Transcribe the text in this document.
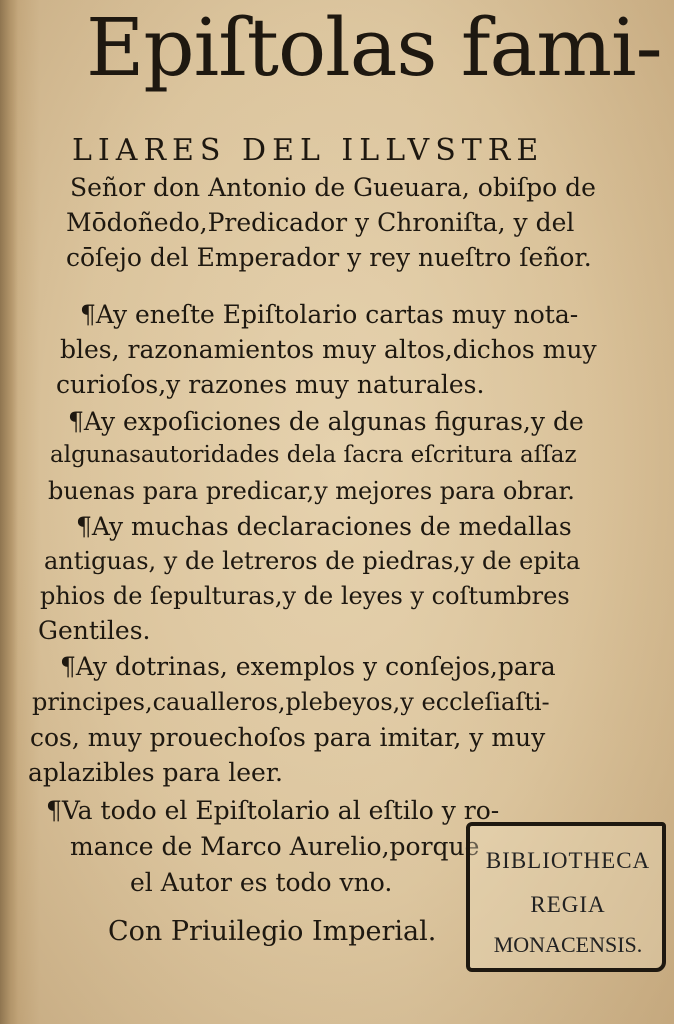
Epiſtolas fami-
LIARES DEL ILLVSTRE
Señor don Antonio de Gueuara, obiſpo de
Mōdoñedo,Predicador y Chroniſta, y del
cōſejo del Emperador y rey nueſtro ſeñor.
¶Ay eneſte Epiſtolario cartas muy nota-
bles, razonamientos muy altos,dichos muy
curioſos,y razones muy naturales.
¶Ay expoſiciones de algunas figuras,y de
algunasautoridades dela ſacra eſcritura aſſaz
buenas para predicar,y mejores para obrar.
¶Ay muchas declaraciones de medallas
antiguas, y de letreros de piedras,y de epita
phios de ſepulturas,y de leyes y coſtumbres
Gentiles.
¶Ay dotrinas, exemplos y conſejos,para
principes,caualleros,plebeyos,y eccleſiaſti-
cos, muy prouechoſos para imitar, y muy
aplazibles para leer.
¶Va todo el Epiſtolario al eſtilo y ro-
mance de Marco Aurelio,porque
el Autor es todo vno.
Con Priuilegio Imperial.
BIBLIOTHECA
REGIA
MONACENSIS.
